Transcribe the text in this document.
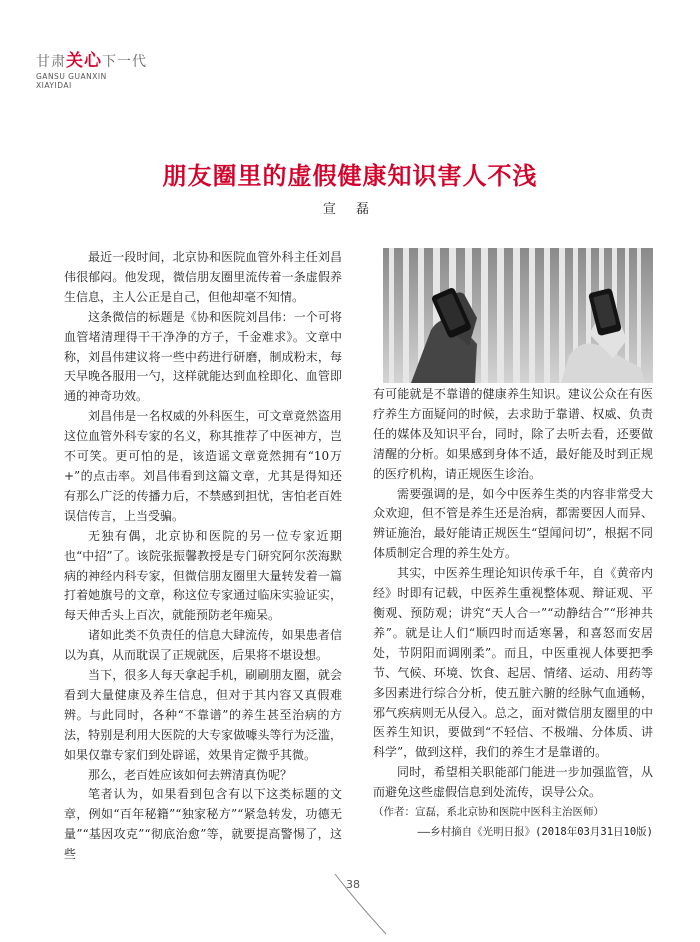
甘肃关心下一代
GANSU GUANXIN
XIAYIDAI
朋友圈里的虚假健康知识害人不浅
宣 磊

最近一段时间，北京协和医院血管外科主任刘昌伟很郁闷。他发现，微信朋友圈里流传着一条虚假养生信息，主人公正是自己，但他却毫不知情。

这条微信的标题是《协和医院刘昌伟：一个可将血管堵清理得干干净净的方子，千金难求》。文章中称，刘昌伟建议将一些中药进行研磨，制成粉末，每天早晚各服用一勺，这样就能达到血栓即化、血管即通的神奇功效。

刘昌伟是一名权威的外科医生，可文章竟然盗用这位血管外科专家的名义，称其推荐了中医神方，岂不可笑。更可怕的是，该造谣文章竟然拥有“10万+”的点击率。刘昌伟看到这篇文章，尤其是得知还有那么广泛的传播力后，不禁感到担忧，害怕老百姓误信传言，上当受骗。

无独有偶，北京协和医院的另一位专家近期也“中招”了。该院张振馨教授是专门研究阿尔茨海默病的神经内科专家，但微信朋友圈里大量转发着一篇打着她旗号的文章，称这位专家通过临床实验证实，每天伸舌头上百次，就能预防老年痴呆。

诸如此类不负责任的信息大肆流传，如果患者信以为真，从而耽误了正规就医，后果将不堪设想。

当下，很多人每天拿起手机，刷刷朋友圈，就会看到大量健康及养生信息，但对于其内容又真假难辨。与此同时，各种“不靠谱”的养生甚至治病的方法，特别是利用大医院的大专家做噱头等行为泛滥，如果仅靠专家们到处辟谣，效果肯定微乎其微。

那么，老百姓应该如何去辨清真伪呢？

笔者认为，如果看到包含有以下这类标题的文章，例如“百年秘籍”“独家秘方”“紧急转发，功德无量”“基因攻克”“彻底治愈”等，就要提高警惕了，这些

有可能就是不靠谱的健康养生知识。建议公众在有医疗养生方面疑问的时候，去求助于靠谱、权威、负责任的媒体及知识平台，同时，除了去听去看，还要做清醒的分析。如果感到身体不适，最好能及时到正规的医疗机构，请正规医生诊治。

需要强调的是，如今中医养生类的内容非常受大众欢迎，但不管是养生还是治病，都需要因人而异、辨证施治，最好能请正规医生“望闻问切”，根据不同体质制定合理的养生处方。

其实，中医养生理论知识传承千年，自《黄帝内经》时即有记载，中医养生重视整体观、辩证观、平衡观、预防观；讲究“天人合一”“动静结合”“形神共养”。就是让人们“顺四时而适寒暑，和喜怒而安居处，节阴阳而调刚柔”。而且，中医重视人体要把季节、气候、环境、饮食、起居、情绪、运动、用药等多因素进行综合分析，使五脏六腑的经脉气血通畅，邪气疾病则无从侵入。总之，面对微信朋友圈里的中医养生知识，要做到“不轻信、不极端、分体质、讲科学”，做到这样，我们的养生才是靠谱的。

同时，希望相关职能部门能进一步加强监管，从而避免这些虚假信息到处流传，误导公众。

（作者：宣磊，系北京协和医院中医科主治医师）

——乡村摘自《光明日报》(2018年03月31日10版)

38
